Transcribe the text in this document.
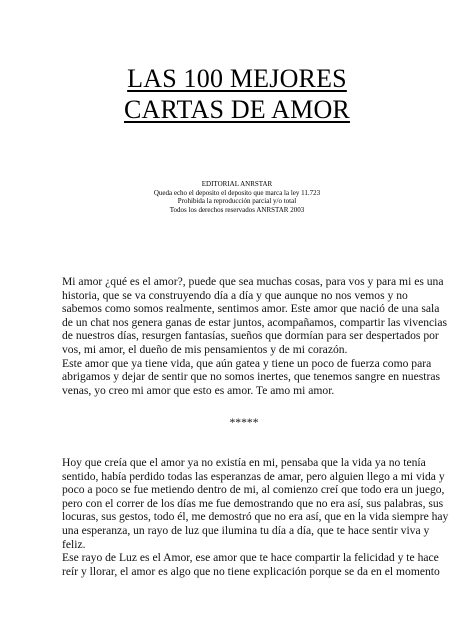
LAS 100 MEJORES
CARTAS DE AMOR
EDITORIAL ANRSTAR
Queda echo el deposito el deposito que marca la ley 11.723
Prohibida la reproducción parcial y/o total
Todos los derechos reservados ANRSTAR 2003
Mi amor ¿qué es el amor?, puede que sea muchas cosas, para vos y para mi es una
historia, que se va construyendo día a día y que aunque no nos vemos y no
sabemos como somos realmente, sentimos amor. Este amor que nació de una sala
de un chat nos genera ganas de estar juntos, acompañamos, compartir las vivencias
de nuestros días, resurgen fantasías, sueños que dormían para ser despertados por
vos, mi amor, el dueño de mis pensamientos y de mi corazón.
Este amor que ya tiene vida, que aún gatea y tiene un poco de fuerza como para
abrigamos y dejar de sentir que no somos inertes, que tenemos sangre en nuestras
venas, yo creo mi amor que esto es amor. Te amo mi amor.
*****
Hoy que creía que el amor ya no existía en mi, pensaba que la vida ya no tenía
sentido, había perdido todas las esperanzas de amar, pero alguien llego a mi vida y
poco a poco se fue metiendo dentro de mi, al comienzo creí que todo era un juego,
pero con el correr de los días me fue demostrando que no era así, sus palabras, sus
locuras, sus gestos, todo él, me demostró que no era así, que en la vida siempre hay
una esperanza, un rayo de luz que ilumina tu día a día, que te hace sentir viva y
feliz.
Ese rayo de Luz es el Amor, ese amor que te hace compartir la felicidad y te hace
reír y llorar, el amor es algo que no tiene explicación porque se da en el momento
